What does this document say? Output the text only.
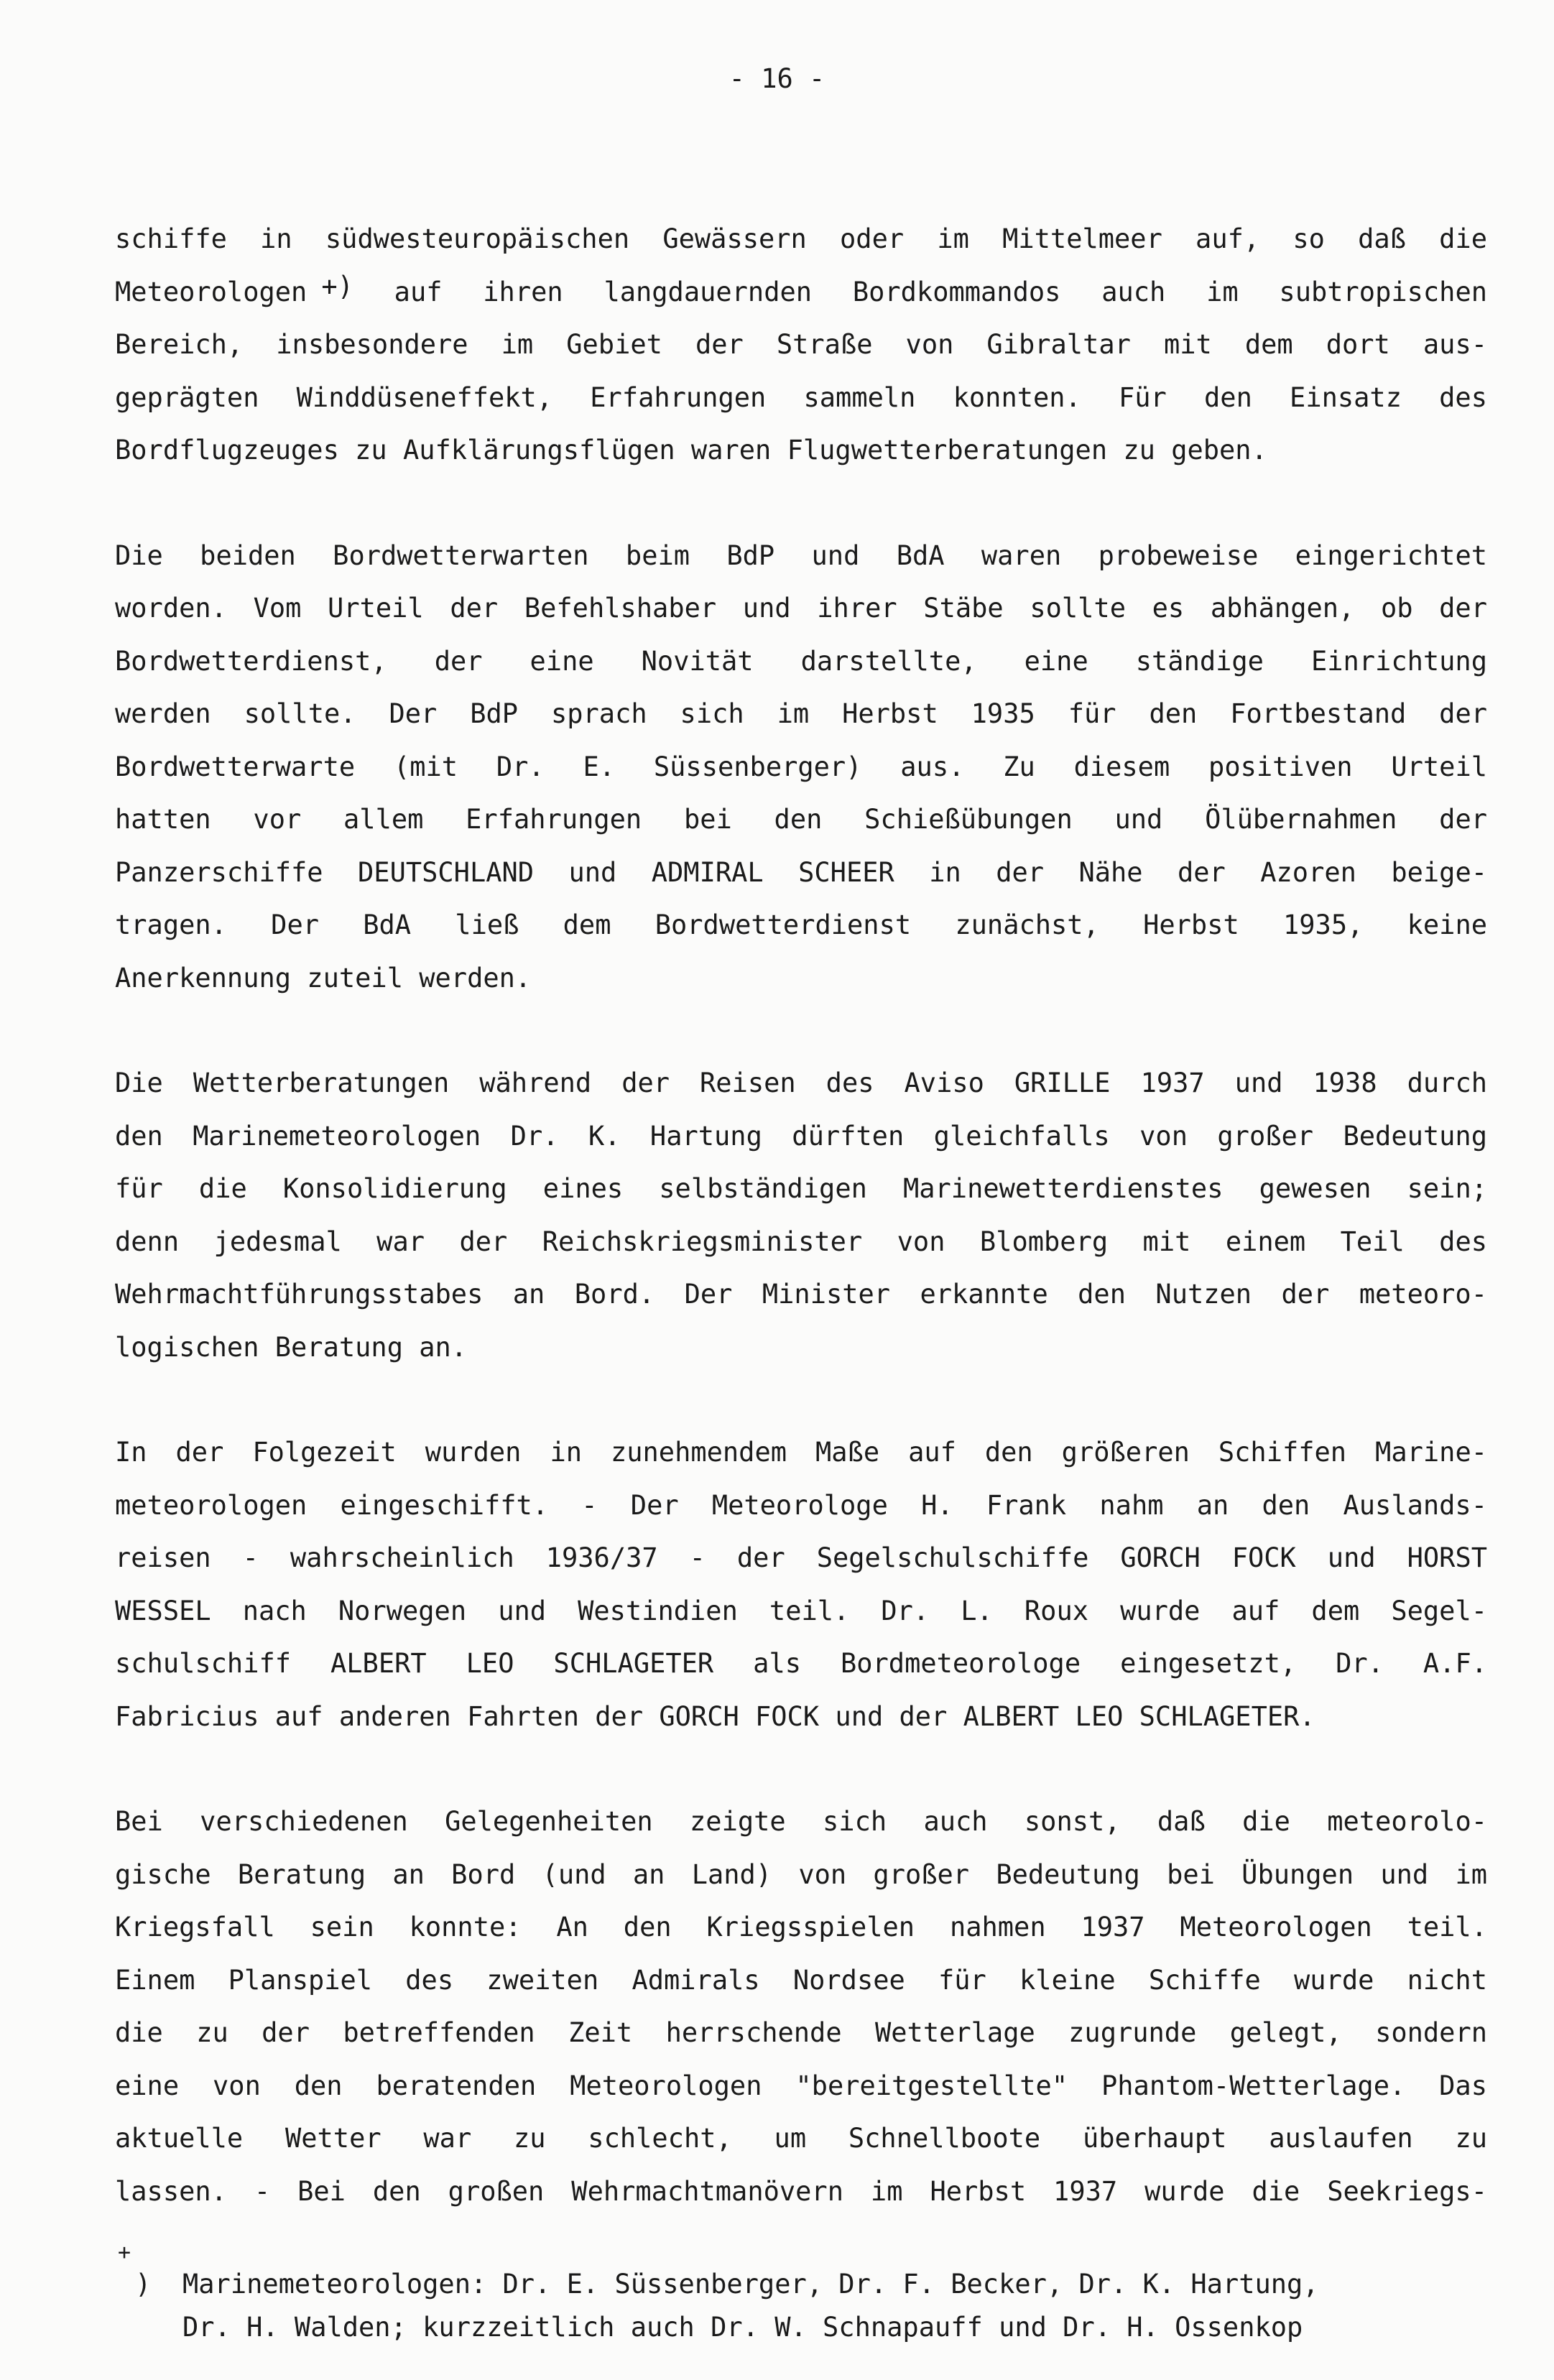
- 16 -
schiffe in südwesteuropäischen Gewässern oder im Mittelmeer auf, so daß die
Meteorologen +) auf ihren langdauernden Bordkommandos auch im subtropischen
Bereich, insbesondere im Gebiet der Straße von Gibraltar mit dem dort aus-
geprägten Winddüseneffekt, Erfahrungen sammeln konnten. Für den Einsatz des
Bordflugzeuges zu Aufklärungsflügen waren Flugwetterberatungen zu geben.
Die beiden Bordwetterwarten beim BdP und BdA waren probeweise eingerichtet
worden. Vom Urteil der Befehlshaber und ihrer Stäbe sollte es abhängen, ob der
Bordwetterdienst, der eine Novität darstellte, eine ständige Einrichtung
werden sollte. Der BdP sprach sich im Herbst 1935 für den Fortbestand der
Bordwetterwarte (mit Dr. E. Süssenberger) aus. Zu diesem positiven Urteil
hatten vor allem Erfahrungen bei den Schießübungen und Ölübernahmen der
Panzerschiffe DEUTSCHLAND und ADMIRAL SCHEER in der Nähe der Azoren beige-
tragen. Der BdA ließ dem Bordwetterdienst zunächst, Herbst 1935, keine
Anerkennung zuteil werden.
Die Wetterberatungen während der Reisen des Aviso GRILLE 1937 und 1938 durch
den Marinemeteorologen Dr. K. Hartung dürften gleichfalls von großer Bedeutung
für die Konsolidierung eines selbständigen Marinewetterdienstes gewesen sein;
denn jedesmal war der Reichskriegsminister von Blomberg mit einem Teil des
Wehrmachtführungsstabes an Bord. Der Minister erkannte den Nutzen der meteoro-
logischen Beratung an.
In der Folgezeit wurden in zunehmendem Maße auf den größeren Schiffen Marine-
meteorologen eingeschifft. - Der Meteorologe H. Frank nahm an den Auslands-
reisen - wahrscheinlich 1936/37 - der Segelschulschiffe GORCH FOCK und HORST
WESSEL nach Norwegen und Westindien teil. Dr. L. Roux wurde auf dem Segel-
schulschiff ALBERT LEO SCHLAGETER als Bordmeteorologe eingesetzt, Dr. A.F.
Fabricius auf anderen Fahrten der GORCH FOCK und der ALBERT LEO SCHLAGETER.
Bei verschiedenen Gelegenheiten zeigte sich auch sonst, daß die meteorolo-
gische Beratung an Bord (und an Land) von großer Bedeutung bei Übungen und im
Kriegsfall sein konnte: An den Kriegsspielen nahmen 1937 Meteorologen teil.
Einem Planspiel des zweiten Admirals Nordsee für kleine Schiffe wurde nicht
die zu der betreffenden Zeit herrschende Wetterlage zugrunde gelegt, sondern
eine von den beratenden Meteorologen "bereitgestellte" Phantom-Wetterlage. Das
aktuelle Wetter war zu schlecht, um Schnellboote überhaupt auslaufen zu
lassen. - Bei den großen Wehrmachtmanövern im Herbst 1937 wurde die Seekriegs-
+
) Marinemeteorologen: Dr. E. Süssenberger, Dr. F. Becker, Dr. K. Hartung,
Dr. H. Walden; kurzzeitlich auch Dr. W. Schnapauff und Dr. H. Ossenkop
